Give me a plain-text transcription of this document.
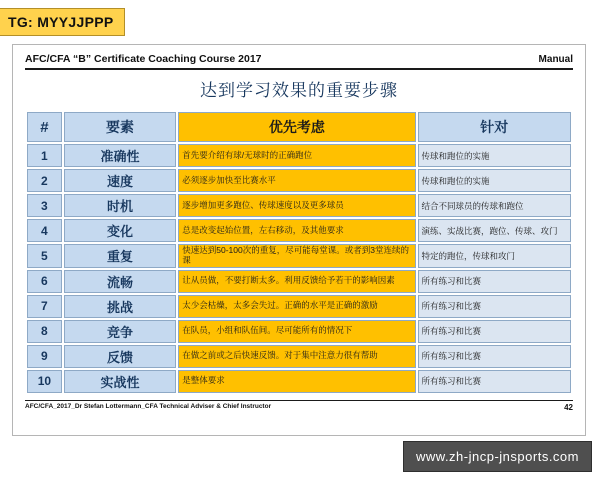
TG: MYYJJPPP
AFC/CFA “B” Certificate Coaching Course 2017	Manual
达到学习效果的重要步骤
#	要素	优先考虑	针对
1	准确性	首先要介绍有球/无球时的正确跑位	传球和跑位的实施
2	速度	必须逐步加快至比赛水平	传球和跑位的实施
3	时机	逐步增加更多跑位、传球速度以及更多球员	结合不同球员的传球和跑位
4	变化	总是改变起始位置，左右移动，及其他要求	演练、实战比赛，跑位、传球、攻门
5	重复	快速达到50-100次的重复，尽可能每堂课。或者到3堂连续的课	特定的跑位，传球和攻门
6	流畅	让从员做，不要打断太多。利用反馈给予若干的影响因素	所有练习和比赛
7	挑战	太少会枯燥，太多会失过。正确的水平是正确的激励	所有练习和比赛
8	竞争	在队员，小组和队伍间。尽可能所有的情况下	所有练习和比赛
9	反馈	在做之前或之后快速反馈。对于集中注意力很有帮助	所有练习和比赛
10	实战性	是整体要求	所有练习和比赛
AFC/CFA_2017_Dr Stefan Lottermann_CFA Technical Adviser & Chief Instructor	42
www.zh-jncp-jnsports.com
